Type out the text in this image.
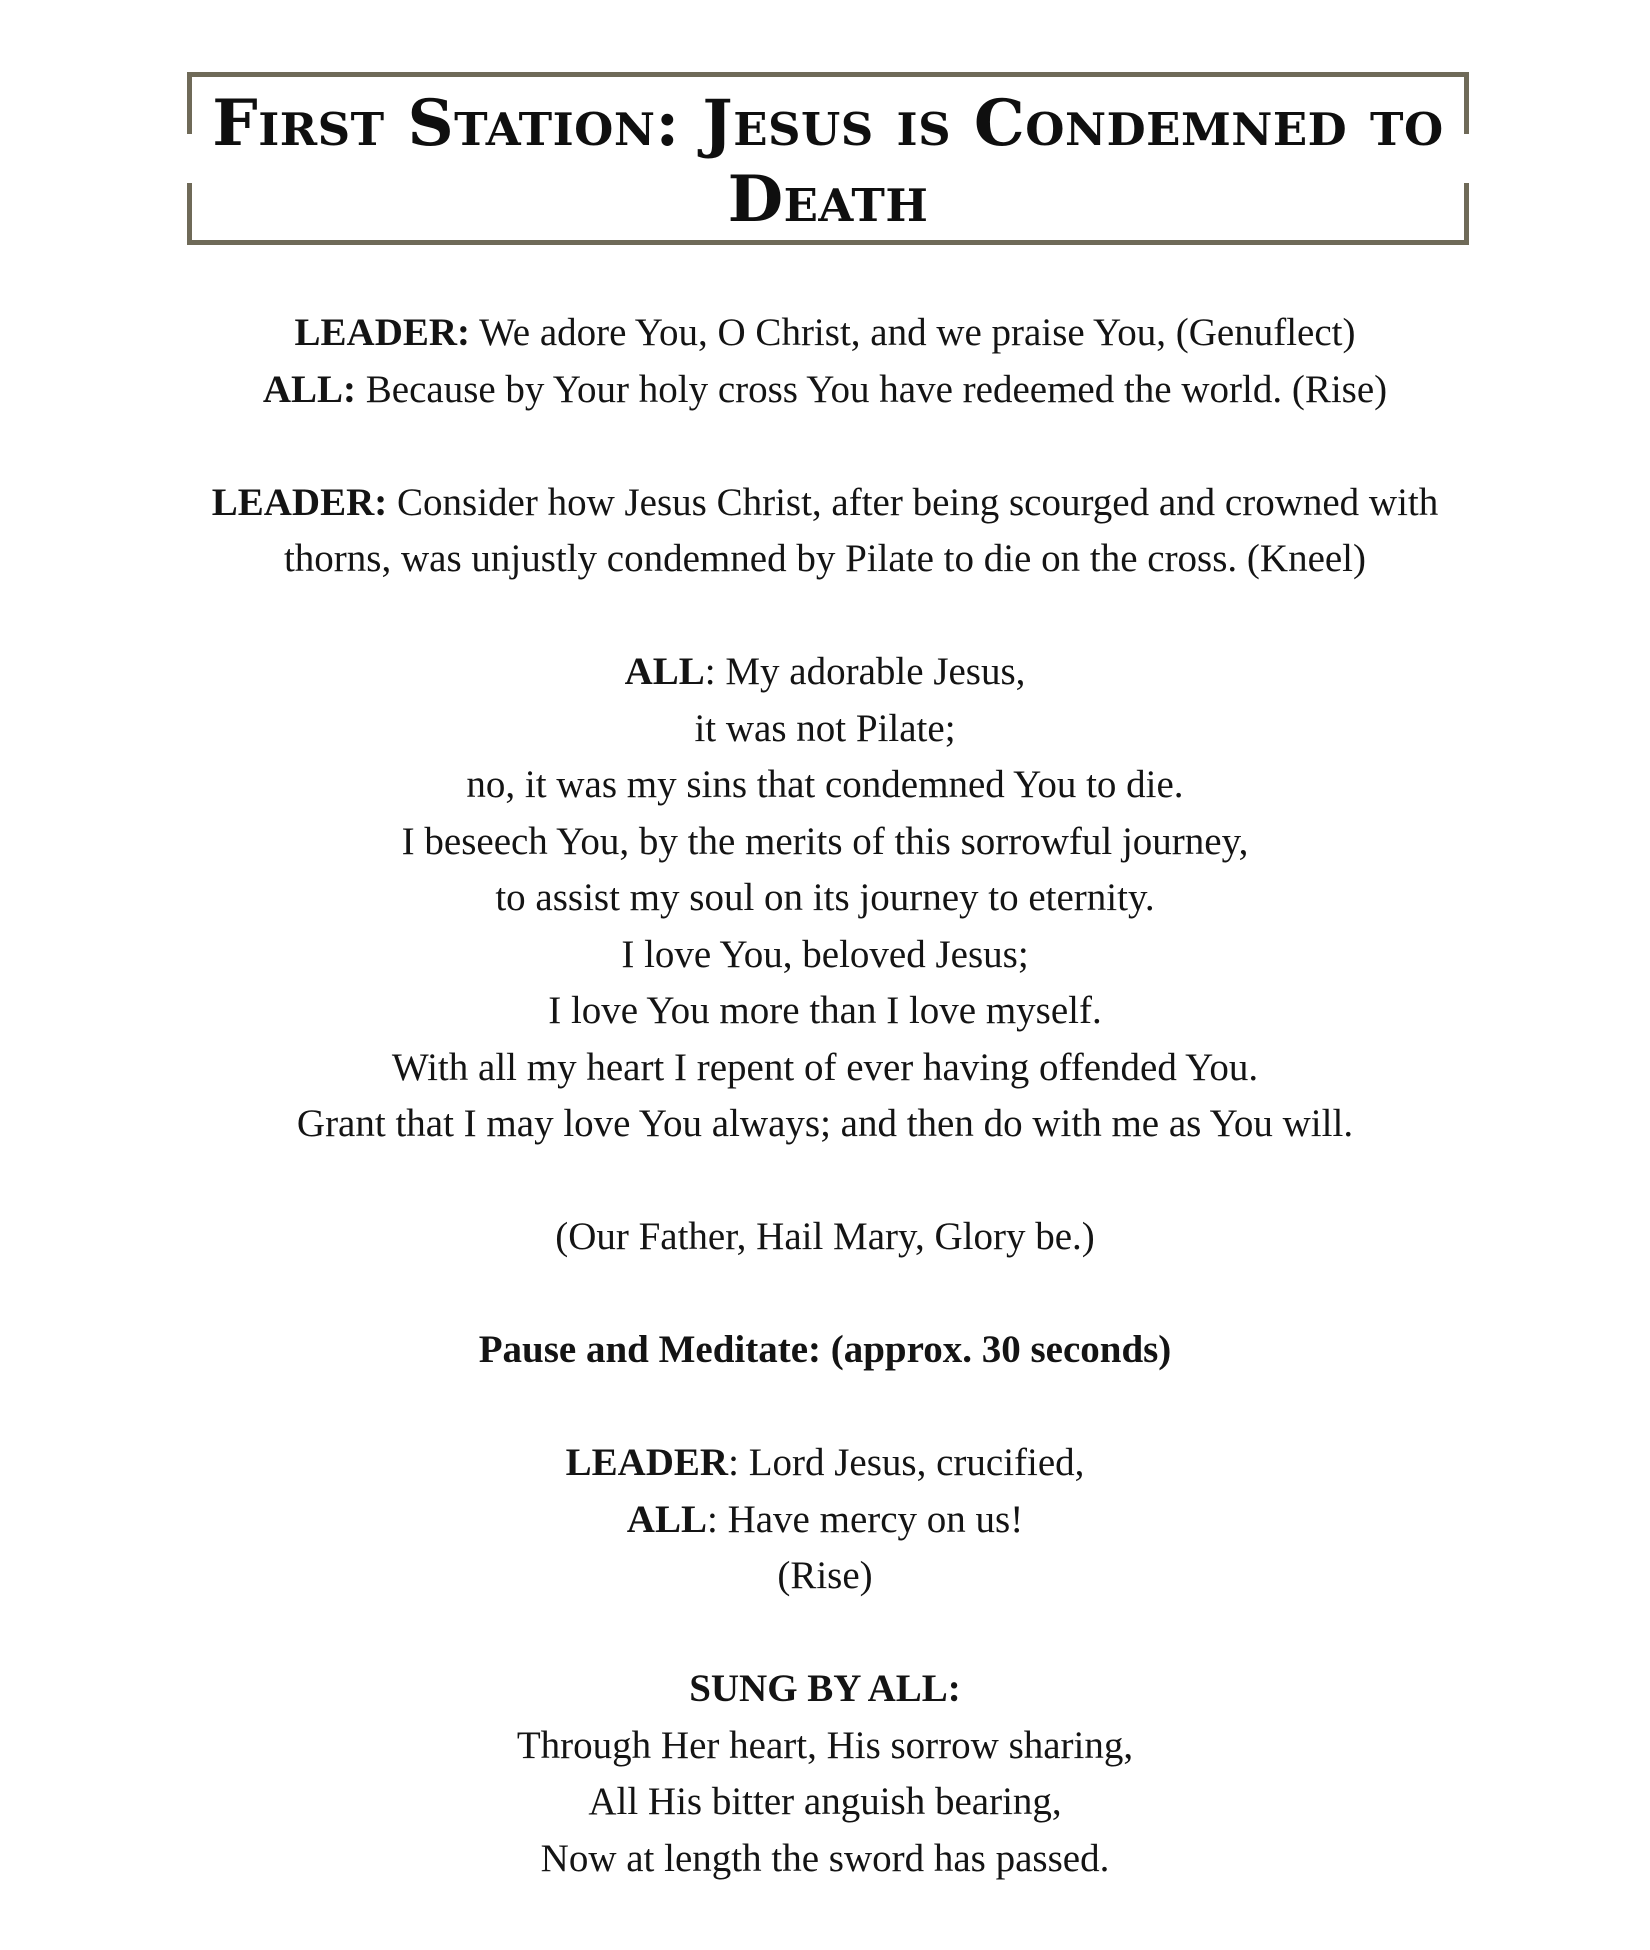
First Station: Jesus is Condemned to Death

LEADER: We adore You, O Christ, and we praise You, (Genuflect)
ALL: Because by Your holy cross You have redeemed the world. (Rise)

LEADER: Consider how Jesus Christ, after being scourged and crowned with
thorns, was unjustly condemned by Pilate to die on the cross. (Kneel)

ALL: My adorable Jesus,
it was not Pilate;
no, it was my sins that condemned You to die.
I beseech You, by the merits of this sorrowful journey,
to assist my soul on its journey to eternity.
I love You, beloved Jesus;
I love You more than I love myself.
With all my heart I repent of ever having offended You.
Grant that I may love You always; and then do with me as You will.

(Our Father, Hail Mary, Glory be.)

Pause and Meditate: (approx. 30 seconds)

LEADER: Lord Jesus, crucified,
ALL: Have mercy on us!
(Rise)

SUNG BY ALL:
Through Her heart, His sorrow sharing,
All His bitter anguish bearing,
Now at length the sword has passed.
